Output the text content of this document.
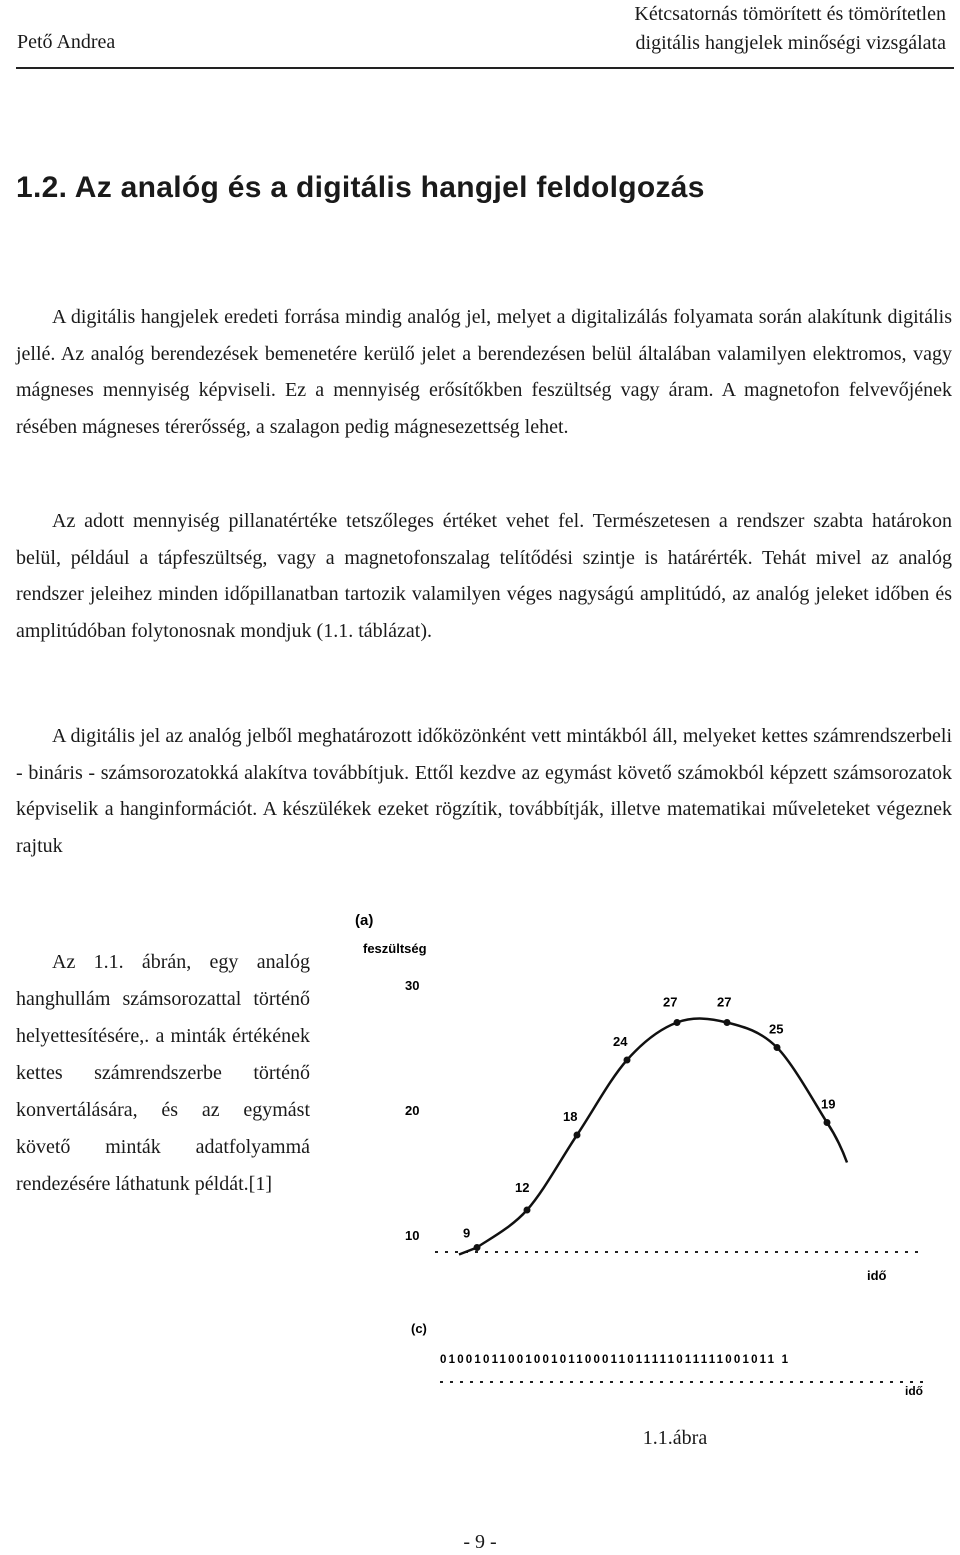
Pető Andrea
Kétcsatornás tömörített és tömörítetlen
digitális hangjelek minőségi vizsgálata
1.2. Az analóg és a digitális hangjel feldolgozás

A digitális hangjelek eredeti forrása mindig analóg jel, melyet a digitalizálás folyamata során alakítunk digitális jellé. Az analóg berendezések bemenetére kerülő jelet a berendezésen belül általában valamilyen elektromos, vagy mágneses mennyiség képviseli. Ez a mennyiség erősítőkben feszültség vagy áram. A magnetofon felvevőjének résében mágneses térerősség, a szalagon pedig mágnesezettség lehet.

Az adott mennyiség pillanatértéke tetszőleges értéket vehet fel. Természetesen a rendszer szabta határokon belül, például a tápfeszültség, vagy a magnetofonszalag telítődési szintje is határérték. Tehát mivel az analóg rendszer jeleihez minden időpillanatban tartozik valamilyen véges nagyságú amplitúdó, az analóg jeleket időben és amplitúdóban folytonosnak mondjuk (1.1. táblázat).

A digitális jel az analóg jelből meghatározott időközönként vett mintákból áll, melyeket kettes számrendszerbeli - bináris - számsorozatokká alakítva továbbítjuk. Ettől kezdve az egymást követő számokból képzett számsorozatok képviselik a hanginformációt. A készülékek ezeket rögzítik, továbbítják, illetve matematikai műveleteket végeznek rajtuk

Az 1.1. ábrán, egy analóg hanghullám számsorozattal történő helyettesítésére,. a minták értékének kettes számrendszerbe történő konvertálására, és az egymást követő minták adatfolyammá rendezésére láthatunk példát.[1]

(a)
feszültség
10
20
30
idő
9
12
18
24
27	27
25
19
(c)
0100101100100101100011011111011111001011 1
idő
1.1.ábra
- 9 -
